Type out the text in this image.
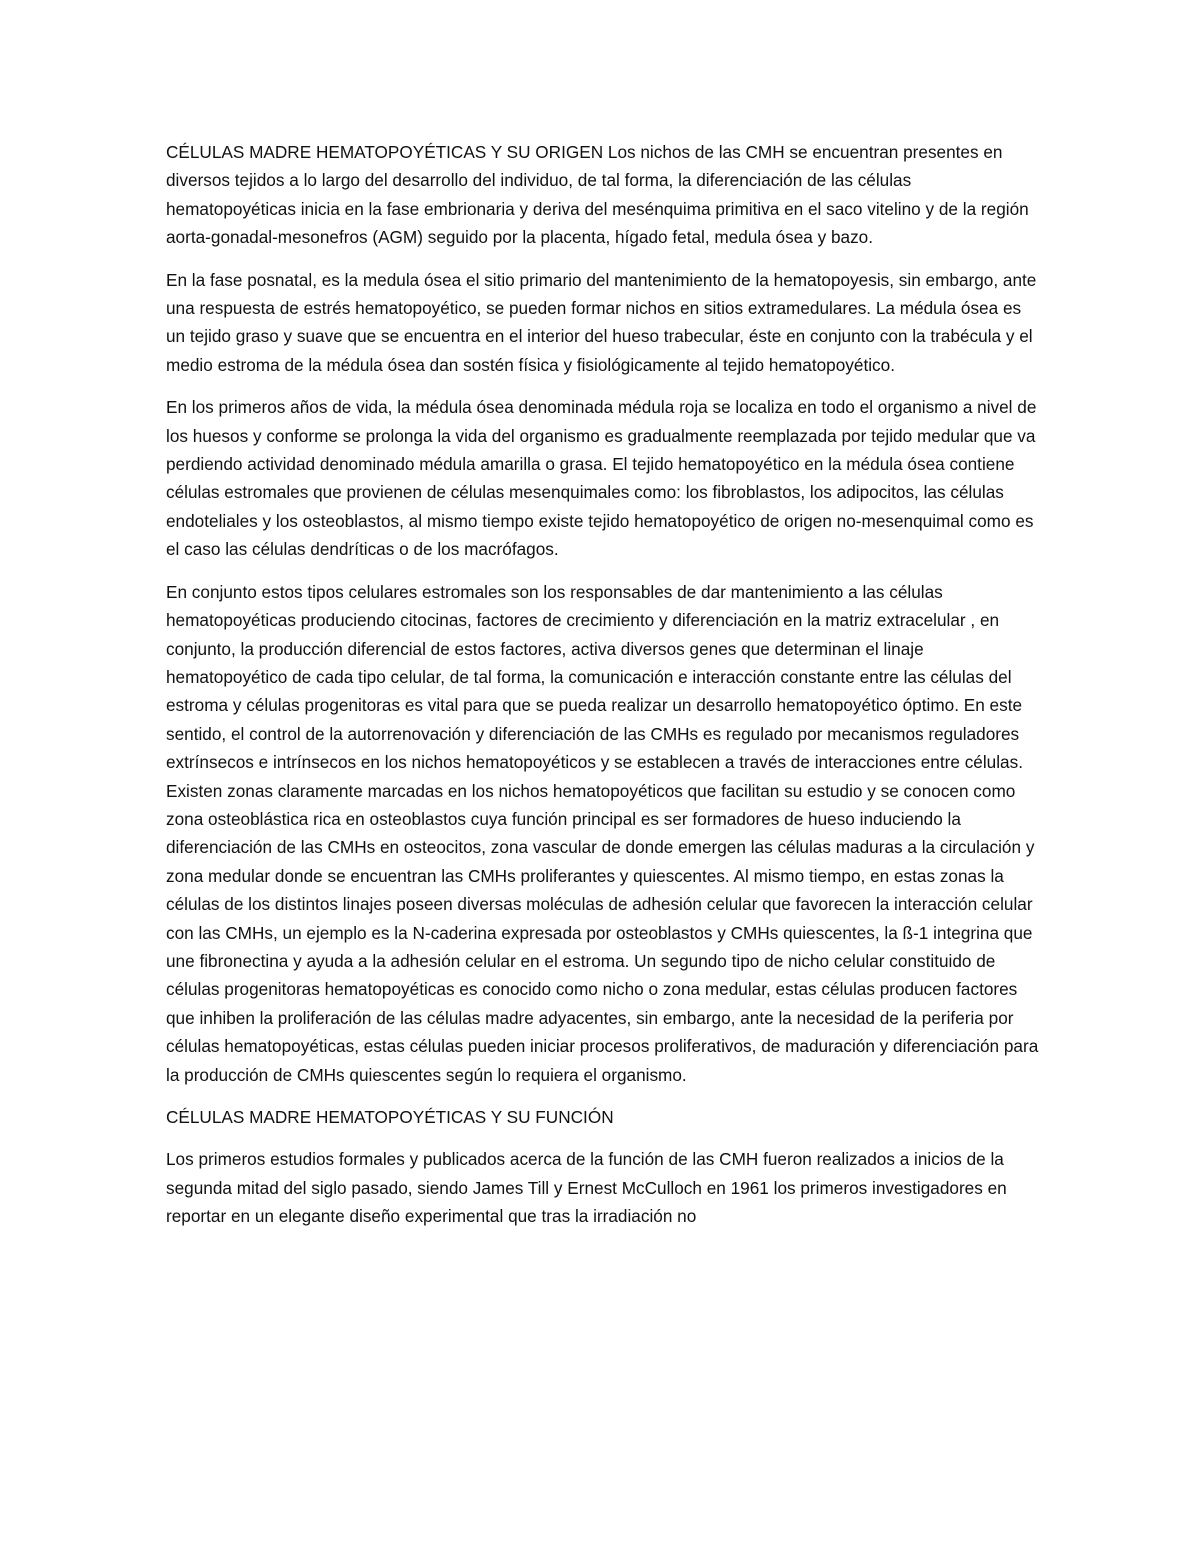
CÉLULAS MADRE HEMATOPOYÉTICAS Y SU ORIGEN Los nichos de las CMH se encuentran presentes en diversos tejidos a lo largo del desarrollo del individuo, de tal forma, la diferenciación de las células hematopoyéticas inicia en la fase embrionaria y deriva del mesénquima primitiva en el saco vitelino y de la región aorta-gonadal-mesonefros (AGM) seguido por la placenta, hígado fetal, medula ósea y bazo.

En la fase posnatal, es la medula ósea el sitio primario del mantenimiento de la hematopoyesis, sin embargo, ante una respuesta de estrés hematopoyético, se pueden formar nichos en sitios extramedulares. La médula ósea es un tejido graso y suave que se encuentra en el interior del hueso trabecular, éste en conjunto con la trabécula y el medio estroma de la médula ósea dan sostén física y fisiológicamente al tejido hematopoyético.

En los primeros años de vida, la médula ósea denominada médula roja se localiza en todo el organismo a nivel de los huesos y conforme se prolonga la vida del organismo es gradualmente reemplazada por tejido medular que va perdiendo actividad denominado médula amarilla o grasa. El tejido hematopoyético en la médula ósea contiene células estromales que provienen de células mesenquimales como: los fibroblastos, los adipocitos, las células endoteliales y los osteoblastos, al mismo tiempo existe tejido hematopoyético de origen no-mesenquimal como es el caso las células dendríticas o de los macrófagos.

En conjunto estos tipos celulares estromales son los responsables de dar mantenimiento a las células hematopoyéticas produciendo citocinas, factores de crecimiento y diferenciación en la matriz extracelular , en conjunto, la producción diferencial de estos factores, activa diversos genes que determinan el linaje hematopoyético de cada tipo celular, de tal forma, la comunicación e interacción constante entre las células del estroma y células progenitoras es vital para que se pueda realizar un desarrollo hematopoyético óptimo. En este sentido, el control de la autorrenovación y diferenciación de las CMHs es regulado por mecanismos reguladores extrínsecos e intrínsecos en los nichos hematopoyéticos y se establecen a través de interacciones entre células. Existen zonas claramente marcadas en los nichos hematopoyéticos que facilitan su estudio y se conocen como zona osteoblástica rica en osteoblastos cuya función principal es ser formadores de hueso induciendo la diferenciación de las CMHs en osteocitos, zona vascular de donde emergen las células maduras a la circulación y zona medular donde se encuentran las CMHs proliferantes y quiescentes. Al mismo tiempo, en estas zonas la células de los distintos linajes poseen diversas moléculas de adhesión celular que favorecen la interacción celular con las CMHs, un ejemplo es la N-caderina expresada por osteoblastos y CMHs quiescentes, la ß-1 integrina que une fibronectina y ayuda a la adhesión celular en el estroma. Un segundo tipo de nicho celular constituido de células progenitoras hematopoyéticas es conocido como nicho o zona medular, estas células producen factores que inhiben la proliferación de las células madre adyacentes, sin embargo, ante la necesidad de la periferia por células hematopoyéticas, estas células pueden iniciar procesos proliferativos, de maduración y diferenciación para la producción de CMHs quiescentes según lo requiera el organismo.

CÉLULAS MADRE HEMATOPOYÉTICAS Y SU FUNCIÓN

Los primeros estudios formales y publicados acerca de la función de las CMH fueron realizados a inicios de la segunda mitad del siglo pasado, siendo James Till y Ernest McCulloch en 1961 los primeros investigadores en reportar en un elegante diseño experimental que tras la irradiación no
